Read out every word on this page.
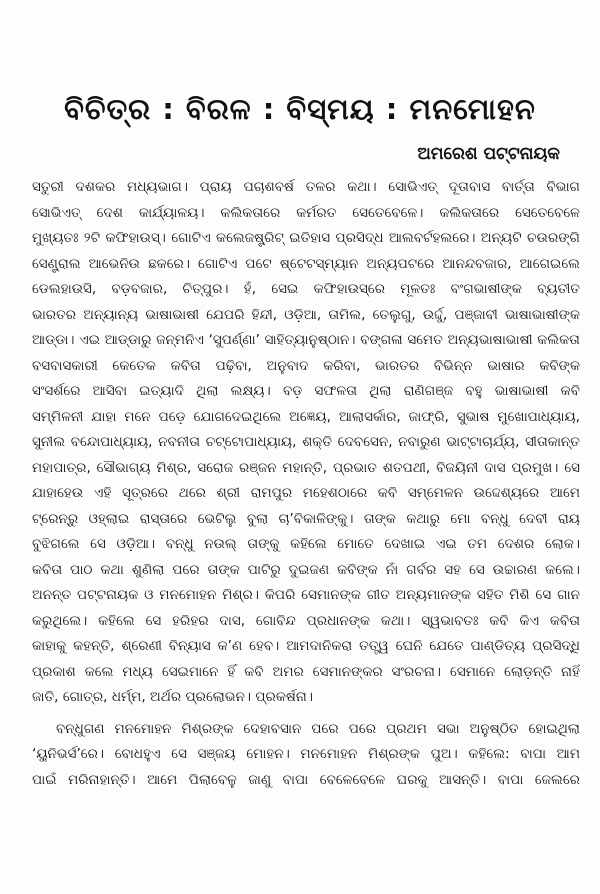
ବିଚିତ୍ର : ବିରଳ : ବିସ୍ମୟ : ମନମୋହନ
ଅମରେଶ ପଟ୍ଟନାୟକ
ସତୁରୀ ଦଶକର ମଧ୍ୟଭାଗ। ପ୍ରାୟ ପଚାଶବର୍ଷ ତଳର କଥା। ସୋଭିଏତ୍ ଦୂତାବାସ ବାର୍ତ୍ତା ବିଭାଗ
ସୋଭିଏତ୍ ଦେଶ କାର୍ଯ୍ୟାଳୟ। କଲିକତାରେ କର୍ମରତ ସେତେବେଳେ। କଲିକତାରେ ସେତେବେଳେ
ମୁଖ୍ୟତଃ ୨ଟି କଫିହାଉସ୍। ଗୋଟିଏ କଲେଜଷ୍ଟ୍ରିଟ୍ ଇତିହାସ ପ୍ରସିଦ୍ଧ ଆଲବର୍ଟହଲରେ। ଅନ୍ୟଟି ଚଉରଙ୍ଗି
ସେଣ୍ଟ୍ରାଲ ଆଭେନିଉ ଛକରେ। ଗୋଟିଏ ପଟେ ଷ୍ଟେଟସ୍ମ୍ୟାନ ଅନ୍ୟପଟରେ ଆନନ୍ଦବଜାର, ଆଗେଇଲେ
ଡେଲହାଉସି, ବଡ଼ବଜାର, ଚିତ୍ପୁର। ହଁ, ସେଇ କଫିହାଉସ୍‌ରେ ମୂଳତଃ ବଂଗଭାଷୀଙ୍କ ବ୍ୟତୀତ
ଭାରତର ଅନ୍ୟାନ୍ୟ ଭାଷାଭାଷୀ ଯେପରି ହିନ୍ଦୀ, ଓଡ଼ିଆ, ତାମିଲ, ତେଲୁଗୁ, ଉର୍ଦ୍ଦୁ, ପଞ୍ଜାବୀ ଭାଷାଭାଷୀଙ୍କ
ଆଡ୍ଡା। ଏଇ ଆଡ୍ଡାରୁ ଜନ୍ମନିଏ ‘ସୁପର୍ଣ୍ଣା’ ସାହିତ୍ୟାନୁଷ୍ଠାନ। ବଙ୍ଗଳା ସମେତ ଅନ୍ୟଭାଷାଭାଷୀ କଲିକତା
ବସବାସକାରୀ କେତେକ କବିତା ପଢ଼ିବା, ଅନୁବାଦ କରିବା, ଭାରତର ବିଭିନ୍ନ ଭାଷାର କବିଙ୍କ
ସଂସର୍ଶରେ ଆସିବା ଇତ୍ୟାଦି ଥିଲା ଲକ୍ଷ୍ୟ। ବଡ଼ ସଫଳତା ଥିଲା ରାଣିଗଞ୍ଜ ବହୁ ଭାଷାଭାଷୀ କବି
ସମ୍ମିଳନୀ ଯାହା ମନେ ପଡ଼େ ଯୋଗଦେଇଥିଲେ ଅଜ୍ଞେୟ, ଆଲାସର୍କାର, ଜାଫ୍ରି, ସୁଭାଷ ମୁଖୋପାଧ୍ୟାୟ,
ସୁନୀଲ ବନ୍ଦୋପାଧ୍ୟାୟ, ନବନୀତା ଚଟ୍ଟୋପାଧ୍ୟାୟ, ଶକ୍ତି ଦେବସେନ, ନବାରୁଣ ଭାଟ୍ଟାଚାର୍ଯ୍ୟ, ସୀତାକାନ୍ତ
ମହାପାତ୍ର, ସୌଭାଗ୍ୟ ମିଶ୍ର, ସରୋଜ ରଞ୍ଜନ ମହାନ୍ତି, ପ୍ରଭାତ ଶତପଥୀ, ବିଜୟିନୀ ଦାସ ପ୍ରମୁଖ। ସେ
ଯାହାହେଉ ଏହି ସୂତ୍ରରେ ଥରେ ଶ୍ରୀ ରାମପୁର ମହେଶଠାରେ କବି ସମ୍ମେଳନ ଉଦ୍ଦେଶ୍ୟରେ ଆମେ
ଟ୍ରେନ୍‌ରୁ ଓହ୍ଲାଇ ରାସ୍ତାରେ ଭେଟିଲୁ ବୁଲା ଚା’ବିକାଳିଙ୍କୁ। ତାଙ୍କ କଥାରୁ ମୋ ବନ୍ଧୁ ଦେବୀ ରାୟ
ବୁଝିଗଲେ ସେ ଓଡ଼ିଆ। ବନ୍ଧୁ ନଉଲ୍ ତାଙ୍କୁ କହିଲେ ମୋତେ ଦେଖାଇ ଏଇ ତମ ଦେଶର ଲୋକ।
କବିତା ପାଠ କଥା ଶୁଣିଲା ପରେ ତାଙ୍କ ପାଟିରୁ ଦୁଇଜଣ କବିଙ୍କ ନାଁ ଗର୍ବର ସହ ସେ ଉଚ୍ଚାରଣ କଲେ।
ଅନନ୍ତ ପଟ୍ଟନାୟକ ଓ ମନମୋହନ ମିଶ୍ର। କିପରି ସେମାନଙ୍କ ଗୀତ ଅନ୍ୟମାନଙ୍କ ସହିତ ମିଶି ସେ ଗାନ
କରୁଥିଲେ। କହିଲେ ସେ ହରିହର ଦାସ, ଗୋବିନ୍ଦ ପ୍ରଧାନଙ୍କ କଥା। ସ୍ୱଭାବତଃ କବି କିଏ କବିତା
କାହାକୁ କହନ୍ତି, ଶ୍ରେଣୀ ବିନ୍ୟାସ କ’ଣ ହେବ। ଆମଦାନିକରା ତତ୍ତ୍ୱ ଘେନି ଯେତେ ପାଣ୍ଡିତ୍ୟ ପ୍ରସିଦ୍ଧି
ପ୍ରକାଶ କଲେ ମଧ୍ୟ ସେଇମାନେ ହିଁ କବି ଅମର ସେମାନଙ୍କର ସଂରଚନା। ସେମାନେ ଲୋଡ଼ନ୍ତି ନାହିଁ
ଜାତି, ଗୋତ୍ର, ଧର୍ମ୍ମ, ଅର୍ଥର ପ୍ରଲୋଭନ। ପ୍ରକର୍ଷନା।
ବନ୍ଧୁଗଣ ମନମୋହନ ମିଶ୍ରଙ୍କ ଦେହାବସାନ ପରେ ପରେ ପ୍ରଥମ ସଭା ଅନୁଷ୍ଠିତ ହୋଇଥିଲା
‘ୟୁନିଭର୍ସ’ରେ। ବୋଧହୁଏ ସେ ସଞ୍ଜୟ ମୋହନ। ମନମୋହନ ମିଶ୍ରଙ୍କ ପୁଅ। କହିଲେ: ବାପା ଆମ
ପାଇଁ ମରିନାହାନ୍ତି। ଆମେ ପିଲାବେଳୁ ଜାଣୁ ବାପା ବେଳେବେଳେ ଘରକୁ ଆସନ୍ତି। ବାପା ଜେଲରେ
